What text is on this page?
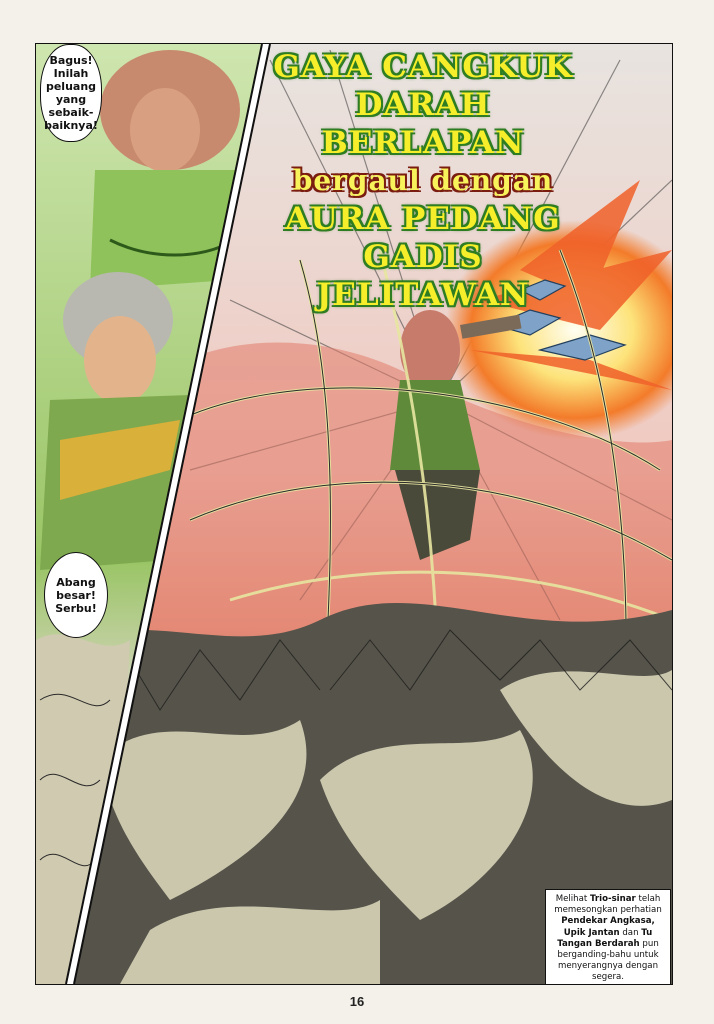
Bagus!
Inilah
peluang
yang
sebaik-
baiknya!
Abang
besar!
Serbu!
GAYA CANGKUK
DARAH BERLAPAN
bergaul dengan
AURA PEDANG
GADIS JELITAWAN
Melihat Trio-sinar telah memesongkan perhatian Pendekar Angkasa, Upik Jantan dan Tu Tangan Berdarah pun berganding-bahu untuk menyerangnya dengan segera.
16
